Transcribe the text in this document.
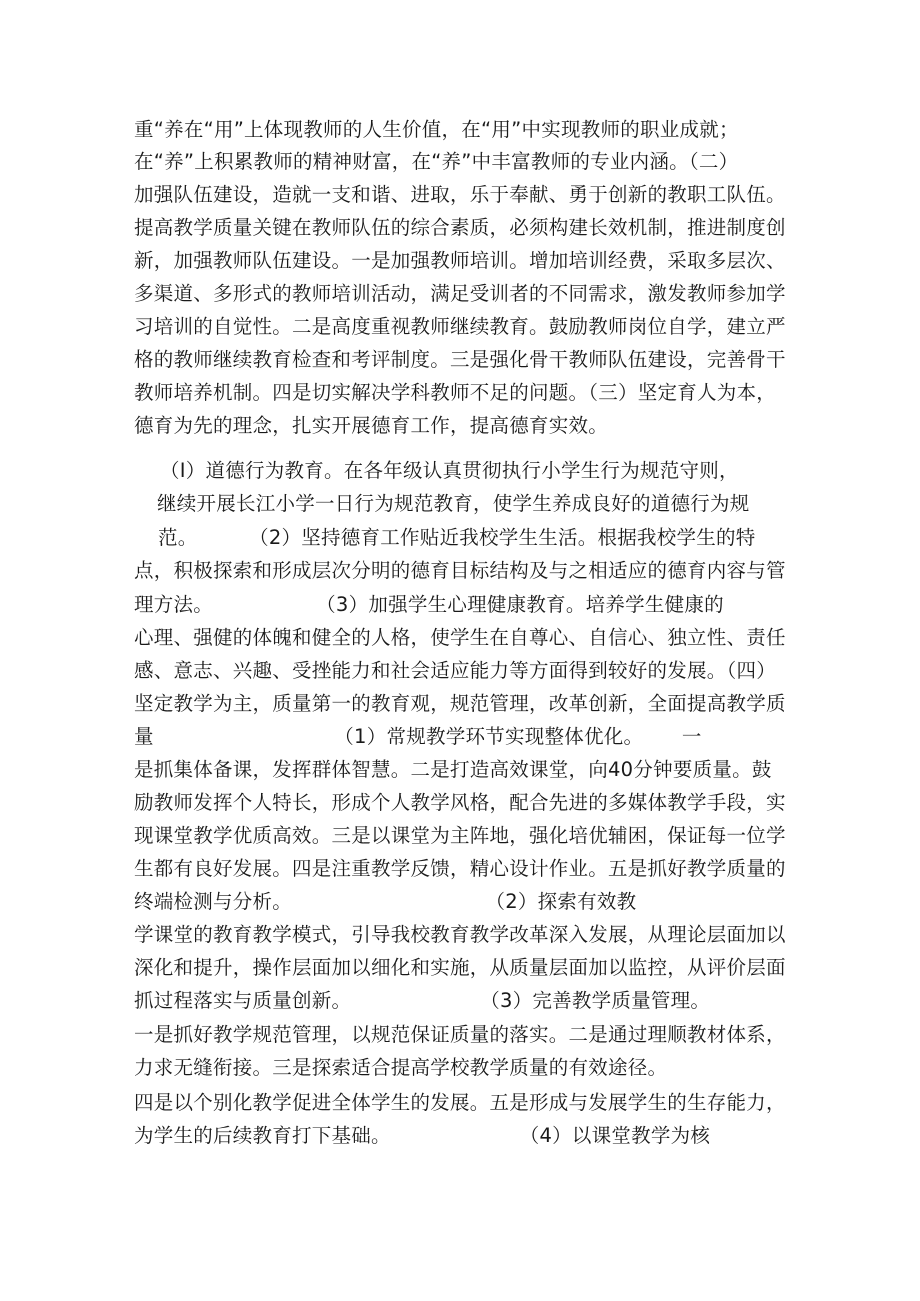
重“养在“用”上体现教师的人生价值，在“用”中实现教师的职业成就；
在“养”上积累教师的精神财富，在“养”中丰富教师的专业内涵。（二）
加强队伍建设，造就一支和谐、进取，乐于奉献、勇于创新的教职工队伍。
提高教学质量关键在教师队伍的综合素质，必须构建长效机制，推进制度创
新，加强教师队伍建设。一是加强教师培训。增加培训经费，采取多层次、
多渠道、多形式的教师培训活动，满足受训者的不同需求，激发教师参加学
习培训的自觉性。二是高度重视教师继续教育。鼓励教师岗位自学，建立严
格的教师继续教育检查和考评制度。三是强化骨干教师队伍建设，完善骨干
教师培养机制。四是切实解决学科教师不足的问题。（三）坚定育人为本，
德育为先的理念，扎实开展德育工作，提高德育实效。
（I）道德行为教育。在各年级认真贯彻执行小学生行为规范守则，
继续开展长江小学一日行为规范教育，使学生养成良好的道德行为规
范。        （2）坚持德育工作贴近我校学生生活。根据我校学生的特
点，积极探索和形成层次分明的德育目标结构及与之相适应的德育内容与管
理方法。                （3）加强学生心理健康教育。培养学生健康的
心理、强健的体魄和健全的人格，使学生在自尊心、自信心、独立性、责任
感、意志、兴趣、受挫能力和社会适应能力等方面得到较好的发展。（四）
坚定教学为主，质量第一的教育观，规范管理，改革创新，全面提高教学质
量                            （1）常规教学环节实现整体优化。      一
是抓集体备课，发挥群体智慧。二是打造高效课堂，向40分钟要质量。鼓
励教师发挥个人特长，形成个人教学风格，配合先进的多媒体教学手段，实
现课堂教学优质高效。三是以课堂为主阵地，强化培优辅困，保证每一位学
生都有良好发展。四是注重教学反馈，精心设计作业。五是抓好教学质量的
终端检测与分析。                              （2）探索有效教
学课堂的教育教学模式，引导我校教育教学改革深入发展，从理论层面加以
深化和提升，操作层面加以细化和实施，从质量层面加以监控，从评价层面
抓过程落实与质量创新。                    （3）完善教学质量管理。
一是抓好教学规范管理，以规范保证质量的落实。二是通过理顺教材体系，
力求无缝衔接。三是探索适合提高学校教学质量的有效途径。
四是以个别化教学促进全体学生的发展。五是形成与发展学生的生存能力，
为学生的后续教育打下基础。                    （4）以课堂教学为核
